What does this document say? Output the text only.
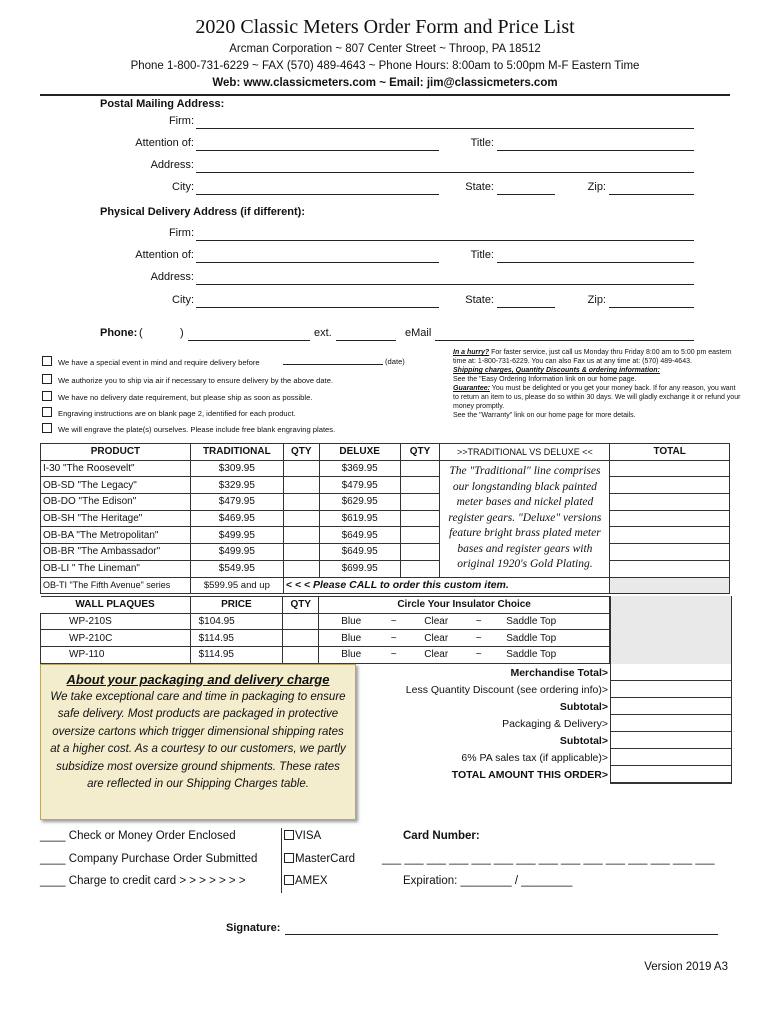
2020 Classic Meters Order Form and Price List
Arcman Corporation ~ 807 Center Street ~ Throop, PA 18512
Phone 1-800-731-6229 ~ FAX (570) 489-4643 ~ Phone Hours: 8:00am to 5:00pm M-F Eastern Time
Web: www.classicmeters.com ~ Email: jim@classicmeters.com
Postal Mailing Address:
Firm:
Attention of:	Title:
Address:
City:	State:	Zip:
Physical Delivery Address (if different):
Firm:
Attention of:	Title:
Address:
City:	State:	Zip:
Phone: (	)	ext.	eMail
We have a special event in mind and require delivery before	(date)
We authorize you to ship via air if necessary to ensure delivery by the above date.
We have no delivery date requirement, but please ship as soon as possible.
Engraving instructions are on blank page 2, identified for each product.
We will engrave the plate(s) ourselves. Please include free blank engraving plates.
In a hurry? For faster service, just call us Monday thru Friday 8:00 am to 5:00 pm eastern time at: 1-800-731-6229. You can also Fax us at any time at: (570) 489-4643.
Shipping charges, Quantity Discounts & ordering information:
See the "Easy Ordering Information link on our home page.
Guarantee: You must be delighted or you get your money back. If for any reason, you want to return an item to us, please do so within 30 days. We will gladly exchange it or refund your money promptly.
See the "Warranty" link on our home page for more details.
PRODUCT	TRADITIONAL	QTY	DELUXE	QTY	>>TRADITIONAL VS DELUXE <<	TOTAL
I-30 "The Roosevelt"	$309.95		$369.95		The "Traditional" line comprises our longstanding black painted meter bases and nickel plated register gears. "Deluxe" versions feature bright brass plated meter bases and register gears with original 1920's Gold Plating.	
OB-SD "The Legacy"	$329.95		$479.95			
OB-DO "The Edison"	$479.95		$629.95			
OB-SH "The Heritage"	$469.95		$619.95			
OB-BA "The Metropolitan"	$499.95		$649.95			
OB-BR "The Ambassador"	$499.95		$649.95			
OB-LI " The Lineman"	$549.95		$699.95			
OB-TI "The Fifth Avenue" series	$599.95 and up	< < < Please CALL to order this custom item.				
WALL PLAQUES	PRICE	QTY	Circle Your Insulator Choice
WP-210S	$104.95		Blue ~ Clear ~ Saddle Top
WP-210C	$114.95		Blue ~ Clear ~ Saddle Top
WP-110	$114.95		Blue ~ Clear ~ Saddle Top
Merchandise Total>
Less Quantity Discount (see ordering info)>
Subtotal>
Packaging & Delivery>
Subtotal>
6% PA sales tax (if applicable)>
TOTAL AMOUNT THIS ORDER>
About your packaging and delivery charge
We take exceptional care and time in packaging to ensure safe delivery. Most products are packaged in protective oversize cartons which trigger dimensional shipping rates at a higher cost. As a courtesy to our customers, we partly subsidize most oversize ground shipments. These rates are reflected in our Shipping Charges table.
____ Check or Money Order Enclosed
____ Company Purchase Order Submitted
____ Charge to credit card > > > > > > >
VISA
MasterCard
AMEX
Card Number:
___ ___ ___ ___ ___ ___ ___ ___ ___ ___ ___ ___ ___ ___ ___
Expiration: ________ / ________
Signature:
Version 2019 A3
